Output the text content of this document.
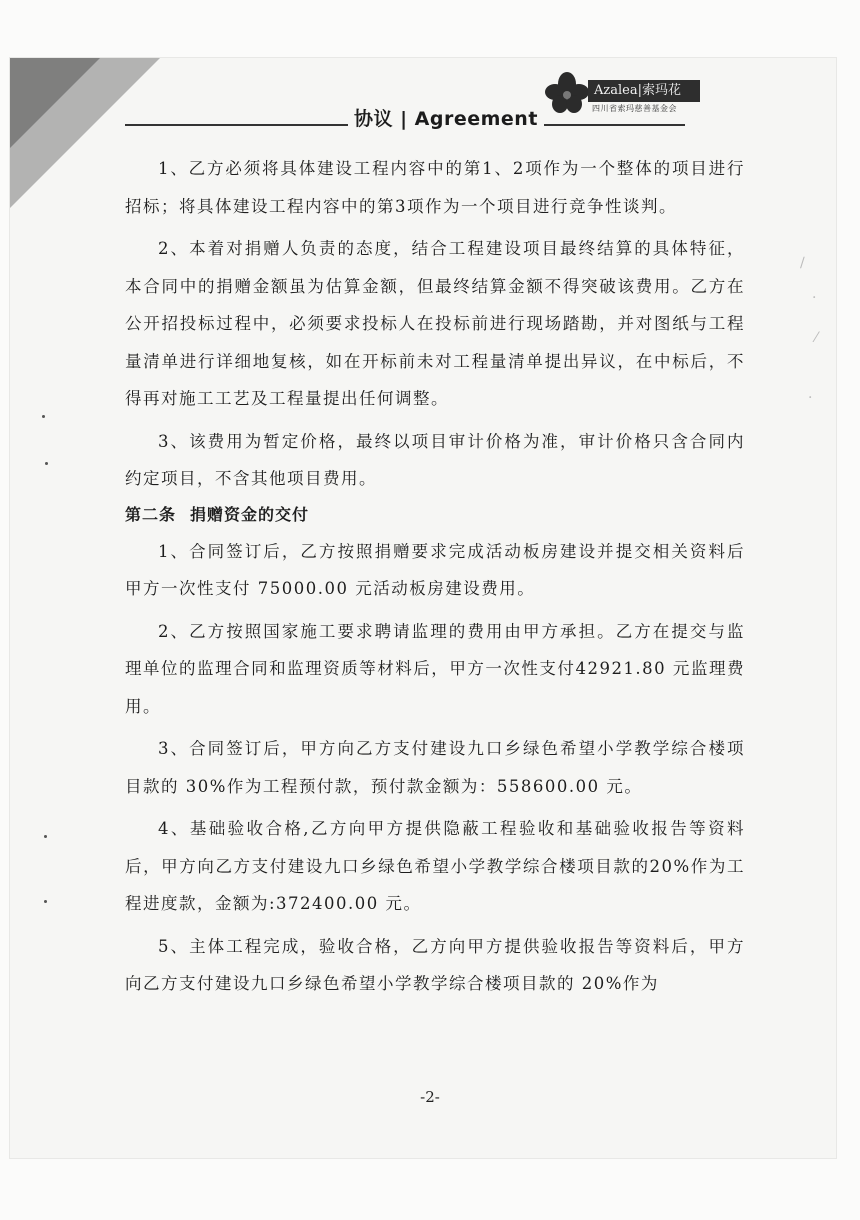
协议 | Agreement
Azalea|索玛花
四川省索玛慈善基金会

1、乙方必须将具体建设工程内容中的第1、2项作为一个整体的项目进行招标；将具体建设工程内容中的第3项作为一个项目进行竞争性谈判。

2、本着对捐赠人负责的态度，结合工程建设项目最终结算的具体特征，本合同中的捐赠金额虽为估算金额，但最终结算金额不得突破该费用。乙方在公开招投标过程中，必须要求投标人在投标前进行现场踏勘，并对图纸与工程量清单进行详细地复核，如在开标前未对工程量清单提出异议，在中标后，不得再对施工工艺及工程量提出任何调整。

3、该费用为暂定价格，最终以项目审计价格为准，审计价格只含合同内约定项目，不含其他项目费用。

第二条 捐赠资金的交付

1、合同签订后，乙方按照捐赠要求完成活动板房建设并提交相关资料后甲方一次性支付 75000.00 元活动板房建设费用。

2、乙方按照国家施工要求聘请监理的费用由甲方承担。乙方在提交与监理单位的监理合同和监理资质等材料后，甲方一次性支付42921.80 元监理费用。

3、合同签订后，甲方向乙方支付建设九口乡绿色希望小学教学综合楼项目款的 30%作为工程预付款，预付款金额为：558600.00 元。

4、基础验收合格,乙方向甲方提供隐蔽工程验收和基础验收报告等资料后，甲方向乙方支付建设九口乡绿色希望小学教学综合楼项目款的20%作为工程进度款，金额为:372400.00 元。

5、主体工程完成，验收合格，乙方向甲方提供验收报告等资料后，甲方向乙方支付建设九口乡绿色希望小学教学综合楼项目款的 20%作为

-2-
∕
·
⁄
·
